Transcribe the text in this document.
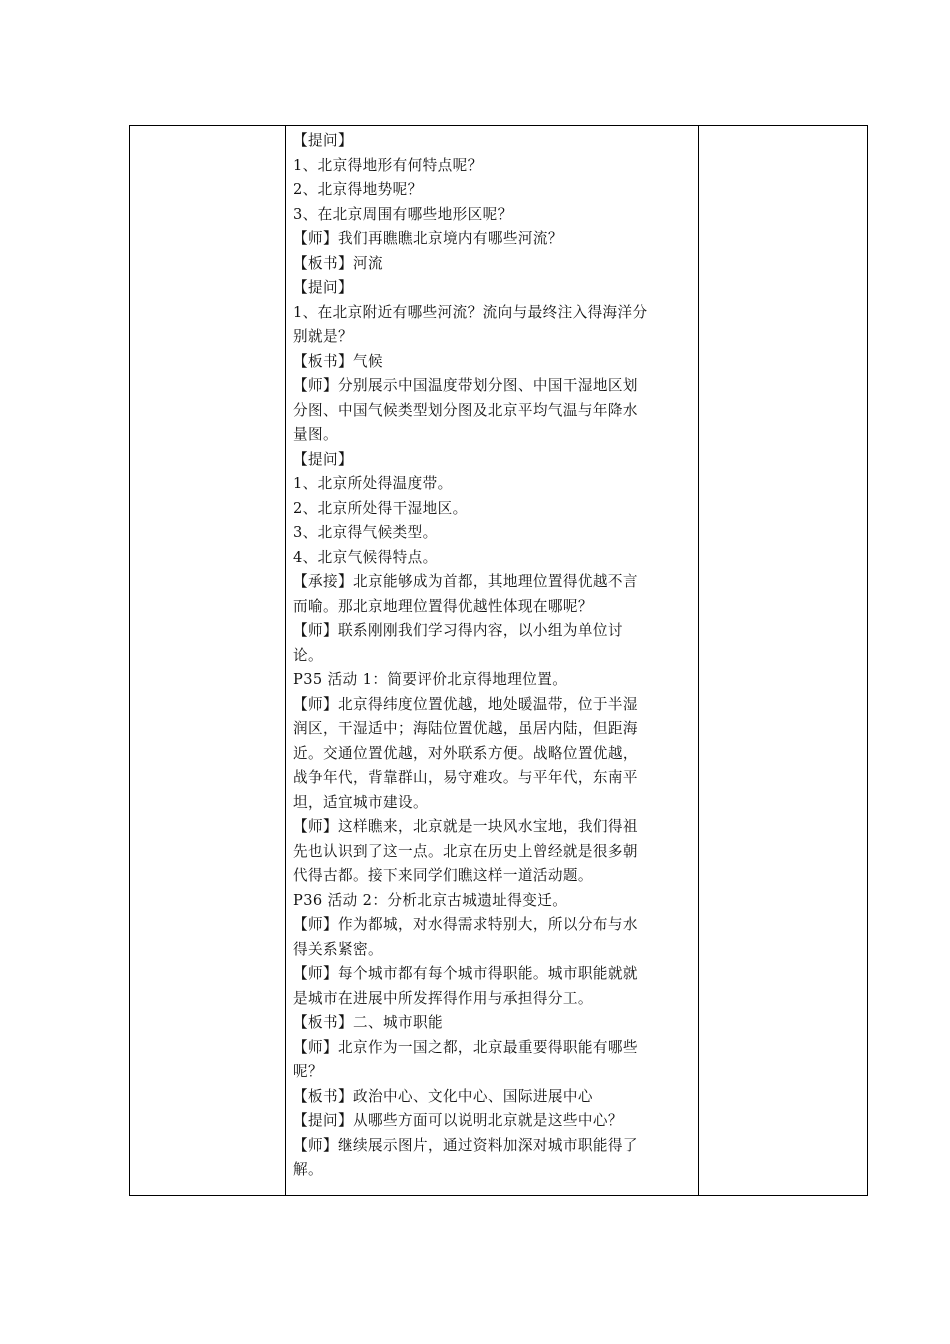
【提问】
1、北京得地形有何特点呢？
2、北京得地势呢？
3、在北京周围有哪些地形区呢？
【师】我们再瞧瞧北京境内有哪些河流？
【板书】河流
【提问】
1、在北京附近有哪些河流？流向与最终注入得海洋分
别就是？
【板书】气候
【师】分别展示中国温度带划分图、中国干湿地区划
分图、中国气候类型划分图及北京平均气温与年降水
量图。
【提问】
1、北京所处得温度带。
2、北京所处得干湿地区。
3、北京得气候类型。
4、北京气候得特点。
【承接】北京能够成为首都，其地理位置得优越不言
而喻。那北京地理位置得优越性体现在哪呢？
【师】联系刚刚我们学习得内容，以小组为单位讨
论。
P35 活动 1：简要评价北京得地理位置。
【师】北京得纬度位置优越，地处暖温带，位于半湿
润区，干湿适中；海陆位置优越，虽居内陆，但距海
近。交通位置优越，对外联系方便。战略位置优越，
战争年代，背靠群山，易守难攻。与平年代，东南平
坦，适宜城市建设。
【师】这样瞧来，北京就是一块风水宝地，我们得祖
先也认识到了这一点。北京在历史上曾经就是很多朝
代得古都。接下来同学们瞧这样一道活动题。
P36 活动 2：分析北京古城遗址得变迁。
【师】作为都城，对水得需求特别大，所以分布与水
得关系紧密。
【师】每个城市都有每个城市得职能。城市职能就就
是城市在进展中所发挥得作用与承担得分工。
【板书】二、城市职能
【师】北京作为一国之都，北京最重要得职能有哪些
呢？
【板书】政治中心、文化中心、国际进展中心
【提问】从哪些方面可以说明北京就是这些中心？
【师】继续展示图片，通过资料加深对城市职能得了
解。
